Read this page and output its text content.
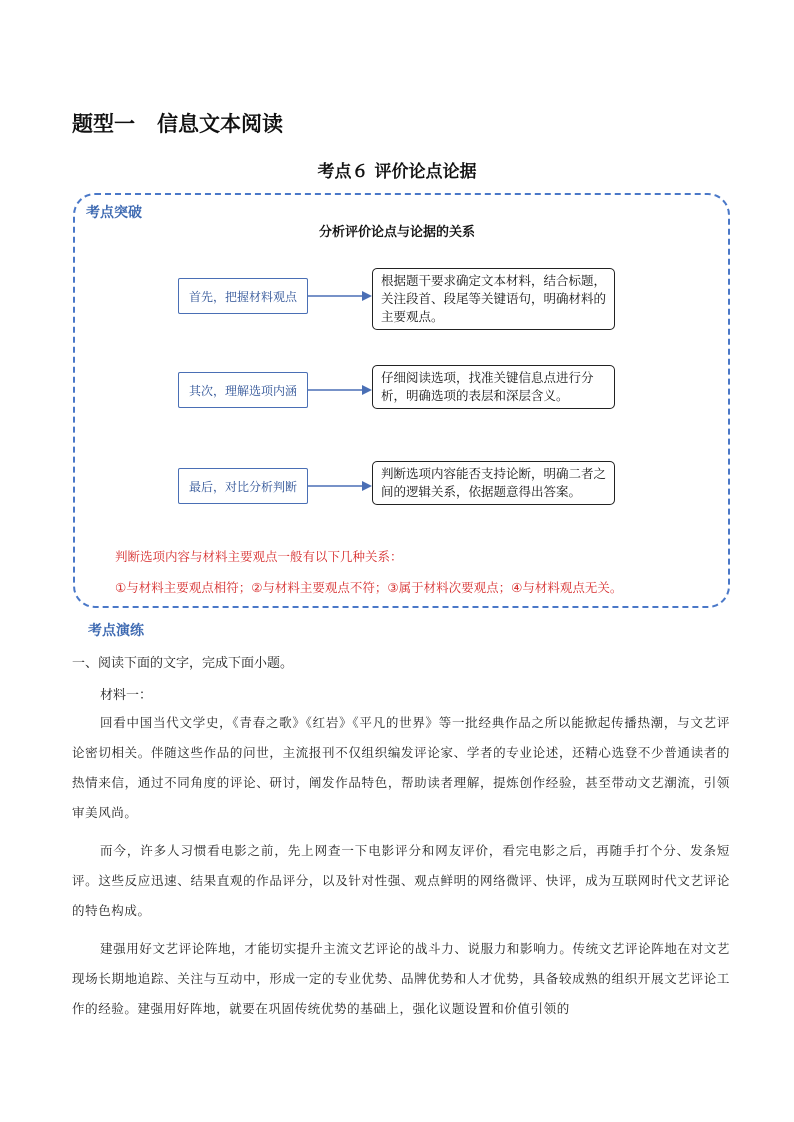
题型一 信息文本阅读
考点６ 评价论点论据
考点突破
分析评价论点与论据的关系
首先，把握材料观点
根据题干要求确定文本材料，结合标题，关注段首、段尾等关键语句，明确材料的主要观点。
其次，理解选项内涵
仔细阅读选项，找准关键信息点进行分析，明确选项的表层和深层含义。
最后，对比分析判断
判断选项内容能否支持论断，明确二者之间的逻辑关系，依据题意得出答案。
判断选项内容与材料主要观点一般有以下几种关系：
①与材料主要观点相符；②与材料主要观点不符；③属于材料次要观点；④与材料观点无关。
考点演练
一、阅读下面的文字，完成下面小题。
材料一：

回看中国当代文学史，《青春之歌》《红岩》《平凡的世界》等一批经典作品之所以能掀起传播热潮，与文艺评论密切相关。伴随这些作品的问世，主流报刊不仅组织编发评论家、学者的专业论述，还精心选登不少普通读者的热情来信，通过不同角度的评论、研讨，阐发作品特色，帮助读者理解，提炼创作经验，甚至带动文艺潮流，引领审美风尚。

而今，许多人习惯看电影之前，先上网查一下电影评分和网友评价，看完电影之后，再随手打个分、发条短评。这些反应迅速、结果直观的作品评分，以及针对性强、观点鲜明的网络微评、快评，成为互联网时代文艺评论的特色构成。

建强用好文艺评论阵地，才能切实提升主流文艺评论的战斗力、说服力和影响力。传统文艺评论阵地在对文艺现场长期地追踪、关注与互动中，形成一定的专业优势、品牌优势和人才优势，具备较成熟的组织开展文艺评论工作的经验。建强用好阵地，就要在巩固传统优势的基础上，强化议题设置和价值引领的
